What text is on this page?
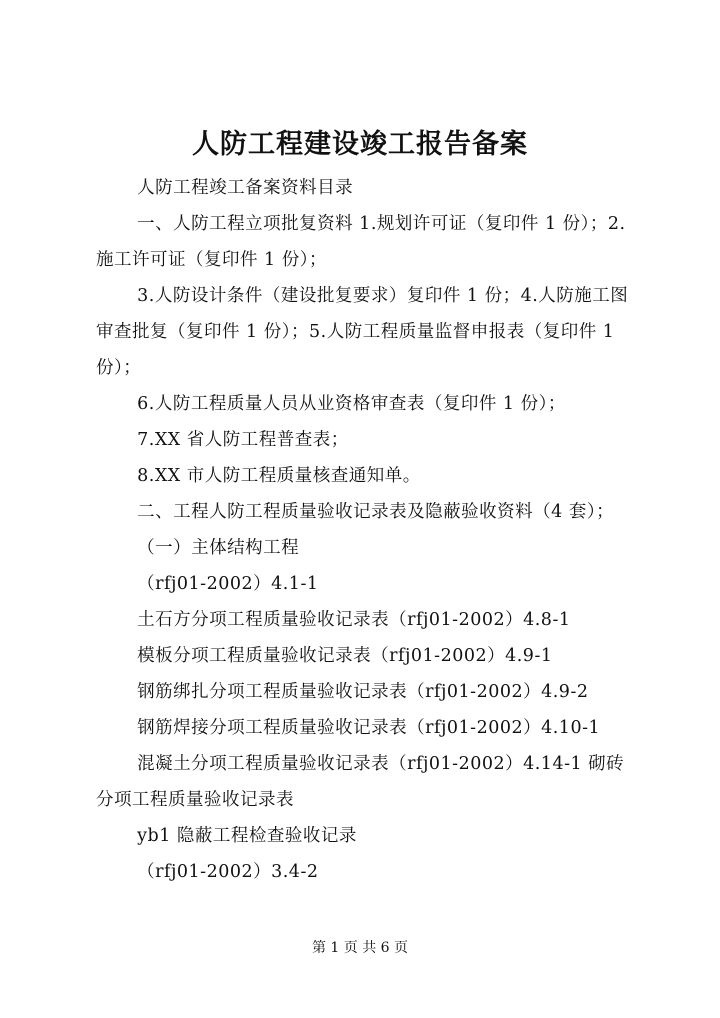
人防工程建设竣工报告备案

人防工程竣工备案资料目录

一、人防工程立项批复资料 1.规划许可证（复印件 1 份）；2.施工许可证（复印件 1 份）；

3.人防设计条件（建设批复要求）复印件 1 份；4.人防施工图审查批复（复印件 1 份）；5.人防工程质量监督申报表（复印件 1 份）；

6.人防工程质量人员从业资格审查表（复印件 1 份）；

7.XX 省人防工程普查表；

8.XX 市人防工程质量核查通知单。

二、工程人防工程质量验收记录表及隐蔽验收资料（4 套）；

（一）主体结构工程

（rfj01-2002）4.1-1

土石方分项工程质量验收记录表（rfj01-2002）4.8-1

模板分项工程质量验收记录表（rfj01-2002）4.9-1

钢筋绑扎分项工程质量验收记录表（rfj01-2002）4.9-2

钢筋焊接分项工程质量验收记录表（rfj01-2002）4.10-1

混凝土分项工程质量验收记录表（rfj01-2002）4.14-1 砌砖分项工程质量验收记录表

yb1 隐蔽工程检查验收记录

（rfj01-2002）3.4-2

第 1 页 共 6 页
